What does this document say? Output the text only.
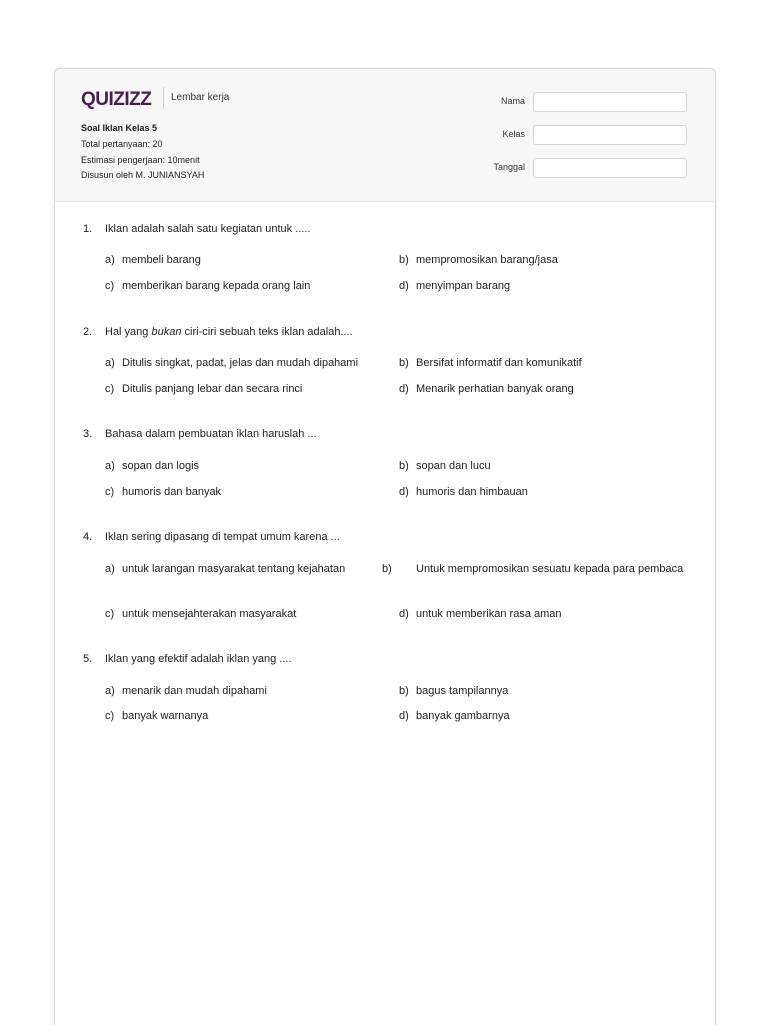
QUIZIZZ Lembar kerja
Soal Iklan Kelas 5
Total pertanyaan: 20
Estimasi pengerjaan: 10menit
Disusun oleh M. JUNIANSYAH
Nama
Kelas
Tanggal
1. Iklan adalah salah satu kegiatan untuk .....
a) membeli barang	b) mempromosikan barang/jasa
c) memberikan barang kepada orang lain	d) menyimpan barang
2. Hal yang bukan ciri-ciri sebuah teks iklan adalah....
a) Ditulis singkat, padat, jelas dan mudah dipahami	b) Bersifat informatif dan komunikatif
c) Ditulis panjang lebar dan secara rinci	d) Menarik perhatian banyak orang
3. Bahasa dalam pembuatan iklan haruslah ...
a) sopan dan logis	b) sopan dan lucu
c) humoris dan banyak	d) humoris dan himbauan
4. Iklan sering dipasang di tempat umum karena ...
a) untuk larangan masyarakat tentang kejahatan	b) Untuk mempromosikan sesuatu kepada para pembaca
c) untuk mensejahterakan masyarakat	d) untuk memberikan rasa aman
5. Iklan yang efektif adalah iklan yang ....
a) menarik dan mudah dipahami	b) bagus tampilannya
c) banyak warnanya	d) banyak gambarnya
